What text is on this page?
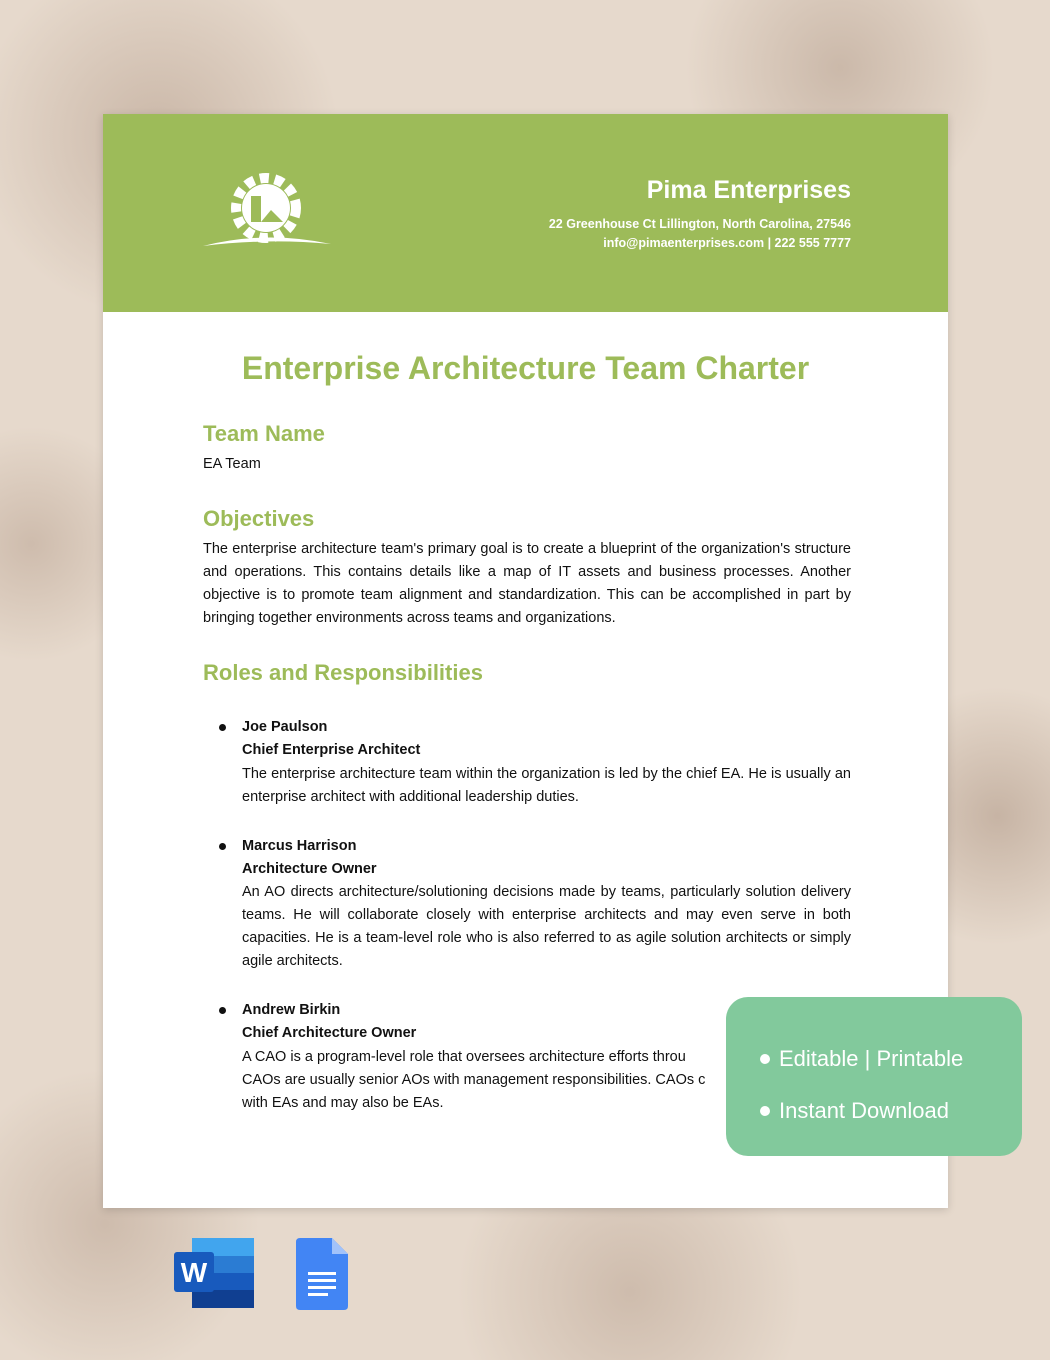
Pima Enterprises
22 Greenhouse Ct Lillington, North Carolina, 27546
info@pimaenterprises.com | 222 555 7777
Enterprise Architecture Team Charter
Team Name

EA Team

Objectives

The enterprise architecture team's primary goal is to create a blueprint of the organization's structure and operations. This contains details like a map of IT assets and business processes. Another objective is to promote team alignment and standardization. This can be accomplished in part by bringing together environments across teams and organizations.

Roles and Responsibilities
Joe Paulson
Chief Enterprise Architect

The enterprise architecture team within the organization is led by the chief EA. He is usually an enterprise architect with additional leadership duties.

Marcus Harrison
Architecture Owner

An AO directs architecture/solutioning decisions made by teams, particularly solution delivery teams. He will collaborate closely with enterprise architects and may even serve in both capacities. He is a team-level role who is also referred to as agile solution architects or simply agile architects.

Andrew Birkin
Chief Architecture Owner
A CAO is a program-level role that oversees architecture efforts throu
CAOs are usually senior AOs with management responsibilities. CAOs c
with EAs and may also be EAs.
Editable | Printable
Instant Download
W
